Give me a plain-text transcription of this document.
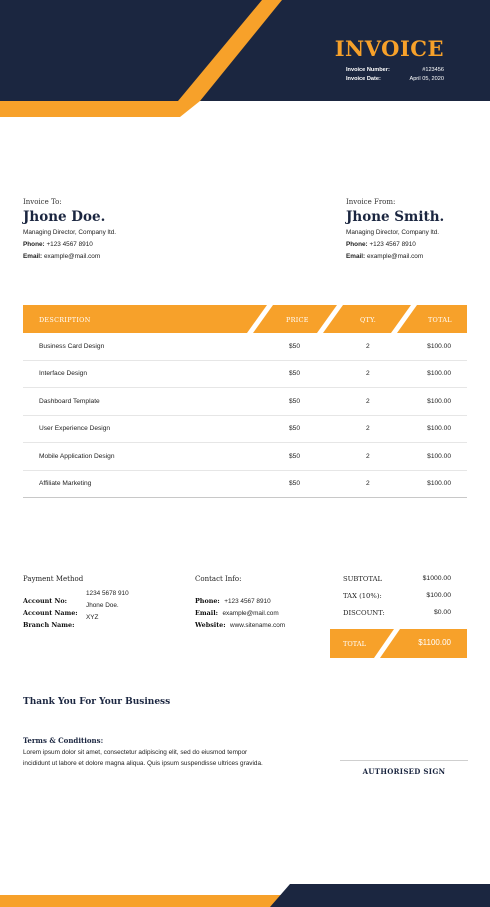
INVOICE
Invoice Number:	#123456
Invoice Date:	April 05, 2020
Invoice To:
Jhone Doe.
Managing Director, Company ltd.
Phone: +123 4567 8910
Email: example@mail.com
Invoice From:
Jhone Smith.
Managing Director, Company ltd.
Phone: +123 4567 8910
Email: example@mail.com
DESCRIPTION	PRICE	QTY.	TOTAL
Business Card Design	$50	2	$100.00
Interface Design	$50	2	$100.00
Dashboard Template	$50	2	$100.00
User Experience Design	$50	2	$100.00
Mobile Application Design	$50	2	$100.00
Affiliate Marketing	$50	2	$100.00
Payment Method
Account No:
1234 5678 910
Account Name:
Jhone Doe.
Branch Name:
XYZ
Contact Info:
Phone: +123 4567 8910
Email: example@mail.com
Website: www.sitename.com
SUBTOTAL	$1000.00
TAX (10%):	$100.00
DISCOUNT:	$0.00
TOTAL	$1100.00
Thank You For Your Business
Terms & Conditions:
Lorem ipsum dolor sit amet, consectetur adipiscing elit, sed do eiusmod tempor incididunt ut labore et dolore magna aliqua. Quis ipsum suspendisse ultrices gravida.
AUTHORISED SIGN
